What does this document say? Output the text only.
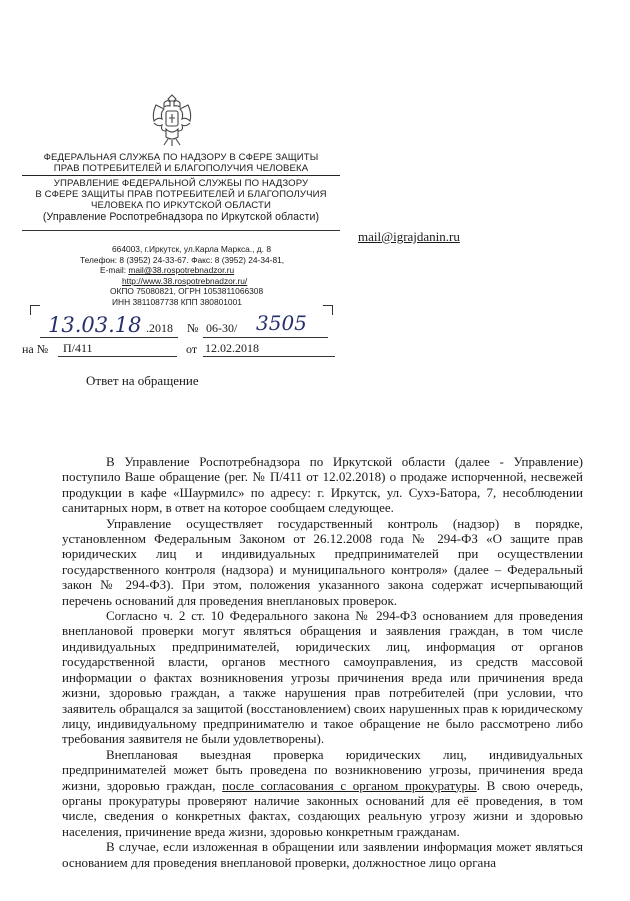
ФЕДЕРАЛЬНАЯ СЛУЖБА ПО НАДЗОРУ В СФЕРЕ ЗАЩИТЫ
ПРАВ ПОТРЕБИТЕЛЕЙ И БЛАГОПОЛУЧИЯ ЧЕЛОВЕКА
УПРАВЛЕНИЕ ФЕДЕРАЛЬНОЙ СЛУЖБЫ ПО НАДЗОРУ
В СФЕРЕ ЗАЩИТЫ ПРАВ ПОТРЕБИТЕЛЕЙ И БЛАГОПОЛУЧИЯ
ЧЕЛОВЕКА ПО ИРКУТСКОЙ ОБЛАСТИ
(Управление Роспотребнадзора по Иркутской области)
664003, г.Иркутск, ул.Карла Маркса., д. 8
Телефон: 8 (3952) 24-33-67. Факс: 8 (3952) 24-34-81,
E-mail: mail@38.rospotrebnadzor.ru
http://www.38.rospotrebnadzor.ru/
ОКПО 75080821, ОГРН 1053811066308
ИНН 3811087738 КПП 380801001
mail@igrajdanin.ru
13.03.18 .2018 № 06-30/ 3505
на № П/411	от 12.02.2018
Ответ на обращение

В Управление Роспотребнадзора по Иркутской области (далее - Управление) поступило Ваше обращение (рег. № П/411 от 12.02.2018) о продаже испорченной, несвежей продукции в кафе «Шаурмилс» по адресу: г. Иркутск, ул. Сухэ-Батора, 7, несоблюдении санитарных норм, в ответ на которое сообщаем следующее.

Управление осуществляет государственный контроль (надзор) в порядке, установленном Федеральным Законом от 26.12.2008 года № 294-ФЗ «О защите прав юридических лиц и индивидуальных предпринимателей при осуществлении государственного контроля (надзора) и муниципального контроля» (далее – Федеральный закон № 294-ФЗ). При этом, положения указанного закона содержат исчерпывающий перечень оснований для проведения внеплановых проверок.

Согласно ч. 2 ст. 10 Федерального закона № 294-ФЗ основанием для проведения внеплановой проверки могут являться обращения и заявления граждан, в том числе индивидуальных предпринимателей, юридических лиц, информация от органов государственной власти, органов местного самоуправления, из средств массовой информации о фактах возникновения угрозы причинения вреда или причинения вреда жизни, здоровью граждан, а также нарушения прав потребителей (при условии, что заявитель обращался за защитой (восстановлением) своих нарушенных прав к юридическому лицу, индивидуальному предпринимателю и такое обращение не было рассмотрено либо требования заявителя не были удовлетворены).

Внеплановая выездная проверка юридических лиц, индивидуальных предпринимателей может быть проведена по возникновению угрозы, причинения вреда жизни, здоровью граждан, после согласования с органом прокуратуры. В свою очередь, органы прокуратуры проверяют наличие законных оснований для её проведения, в том числе, сведения о конкретных фактах, создающих реальную угрозу жизни и здоровью населения, причинение вреда жизни, здоровью конкретным гражданам.

В случае, если изложенная в обращении или заявлении информация может являться основанием для проведения внеплановой проверки, должностное лицо органа
